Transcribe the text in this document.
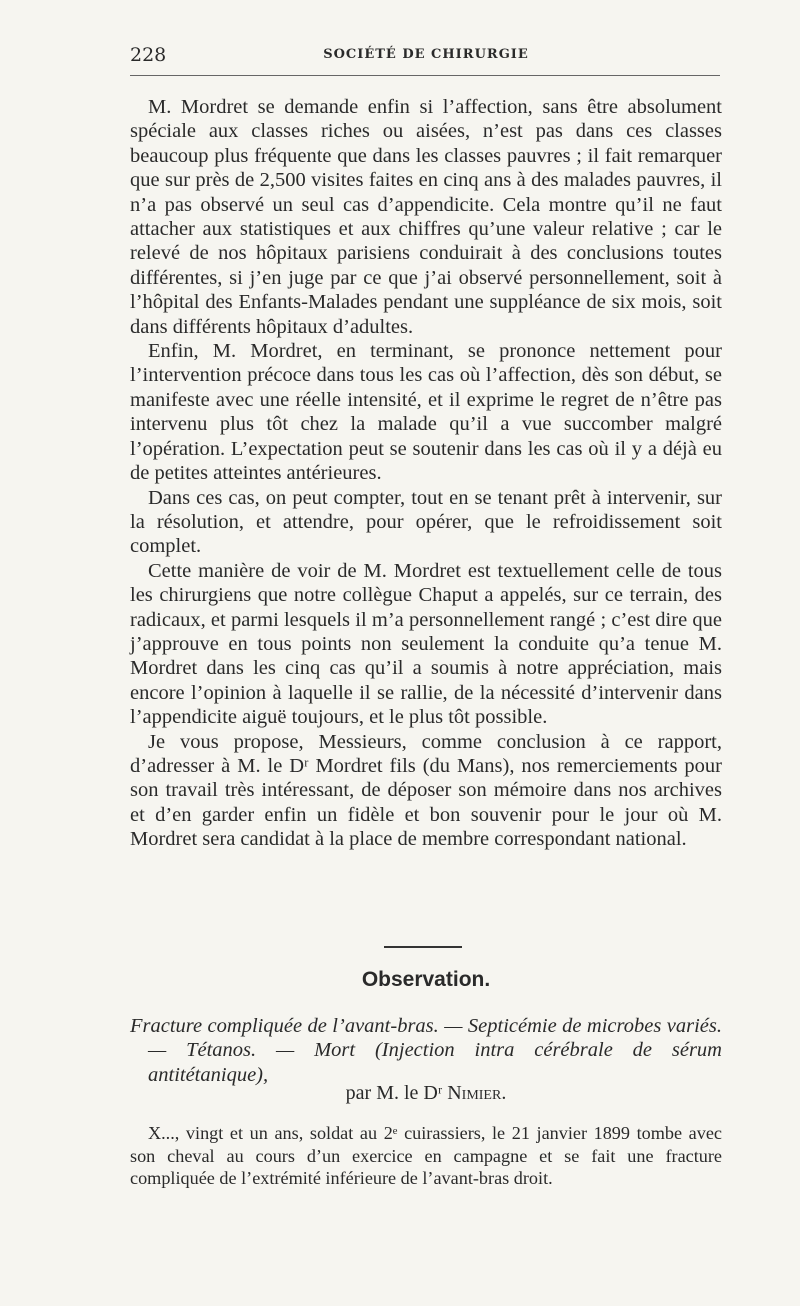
228	SOCIÉTÉ DE CHIRURGIE

M. Mordret se demande enfin si l’affection, sans être absolument spéciale aux classes riches ou aisées, n’est pas dans ces classes beaucoup plus fréquente que dans les classes pauvres ; il fait remarquer que sur près de 2,500 visites faites en cinq ans à des malades pauvres, il n’a pas observé un seul cas d’appendicite. Cela montre qu’il ne faut attacher aux statistiques et aux chiffres qu’une valeur relative ; car le relevé de nos hôpitaux parisiens conduirait à des conclusions toutes différentes, si j’en juge par ce que j’ai observé personnellement, soit à l’hôpital des Enfants-Malades pendant une suppléance de six mois, soit dans différents hôpitaux d’adultes.

Enfin, M. Mordret, en terminant, se prononce nettement pour l’intervention précoce dans tous les cas où l’affection, dès son début, se manifeste avec une réelle intensité, et il exprime le regret de n’être pas intervenu plus tôt chez la malade qu’il a vue succomber malgré l’opération. L’expectation peut se soutenir dans les cas où il y a déjà eu de petites atteintes antérieures.

Dans ces cas, on peut compter, tout en se tenant prêt à intervenir, sur la résolution, et attendre, pour opérer, que le refroidissement soit complet.

Cette manière de voir de M. Mordret est textuellement celle de tous les chirurgiens que notre collègue Chaput a appelés, sur ce terrain, des radicaux, et parmi lesquels il m’a personnellement rangé ; c’est dire que j’approuve en tous points non seulement la conduite qu’a tenue M. Mordret dans les cinq cas qu’il a soumis à notre appréciation, mais encore l’opinion à laquelle il se rallie, de la nécessité d’intervenir dans l’appendicite aiguë toujours, et le plus tôt possible.

Je vous propose, Messieurs, comme conclusion à ce rapport, d’adresser à M. le Dʳ Mordret fils (du Mans), nos remerciements pour son travail très intéressant, de déposer son mémoire dans nos archives et d’en garder enfin un fidèle et bon souvenir pour le jour où M. Mordret sera candidat à la place de membre correspondant national.

Observation.
Fracture compliquée de l’avant-bras. — Septicémie de microbes variés. — Tétanos. — Mort (Injection intra cérébrale de sérum antitétanique),
par M. le Dʳ Nimier.
X..., vingt et un ans, soldat au 2ᵉ cuirassiers, le 21 janvier 1899 tombe avec son cheval au cours d’un exercice en campagne et se fait une fracture compliquée de l’extrémité inférieure de l’avant-bras droit.
